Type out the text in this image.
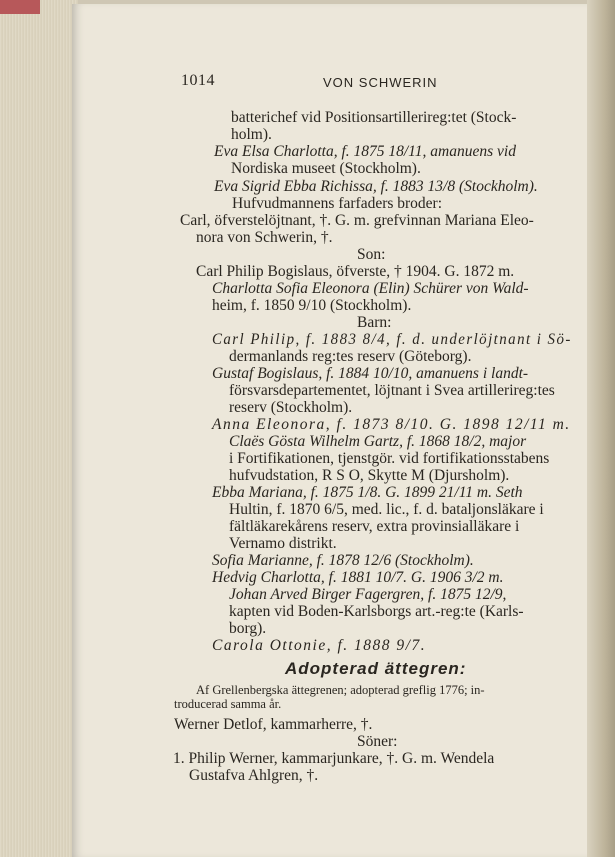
1014	VON SCHWERIN
batterichef vid Positionsartillerireg:tet (Stock-
holm).
Eva Elsa Charlotta, f. 1875 18/11, amanuens vid
Nordiska museet (Stockholm).
Eva Sigrid Ebba Richissa, f. 1883 13/8 (Stockholm).
Hufvudmannens farfaders broder:
Carl, öfverstelöjtnant, †. G. m. grefvinnan Mariana Eleo-
nora von Schwerin, †.
Son:
Carl Philip Bogislaus, öfverste, † 1904. G. 1872 m.
Charlotta Sofia Eleonora (Elin) Schürer von Wald-
heim, f. 1850 9/10 (Stockholm).
Barn:
Carl Philip, f. 1883 8/4, f. d. underlöjtnant i Sö-
dermanlands reg:tes reserv (Göteborg).
Gustaf Bogislaus, f. 1884 10/10, amanuens i landt-
försvarsdepartementet, löjtnant i Svea artillerireg:tes
reserv (Stockholm).
Anna Eleonora, f. 1873 8/10. G. 1898 12/11 m.
Claës Gösta Wilhelm Gartz, f. 1868 18/2, major
i Fortifikationen, tjenstgör. vid fortifikationsstabens
hufvudstation, R S O, Skytte M (Djursholm).
Ebba Mariana, f. 1875 1/8. G. 1899 21/11 m. Seth
Hultin, f. 1870 6/5, med. lic., f. d. bataljonsläkare i
fältläkarekårens reserv, extra provinsialläkare i
Vernamo distrikt.
Sofia Marianne, f. 1878 12/6 (Stockholm).
Hedvig Charlotta, f. 1881 10/7. G. 1906 3/2 m.
Johan Arved Birger Fagergren, f. 1875 12/9,
kapten vid Boden-Karlsborgs art.-reg:te (Karls-
borg).
Carola Ottonie, f. 1888 9/7.
Adopterad ättegren:
Af Grellenbergska ättegrenen; adopterad greflig 1776; in-
troducerad samma år.
Werner Detlof, kammarherre, †.
Söner:
1. Philip Werner, kammarjunkare, †. G. m. Wendela
Gustafva Ahlgren, †.
